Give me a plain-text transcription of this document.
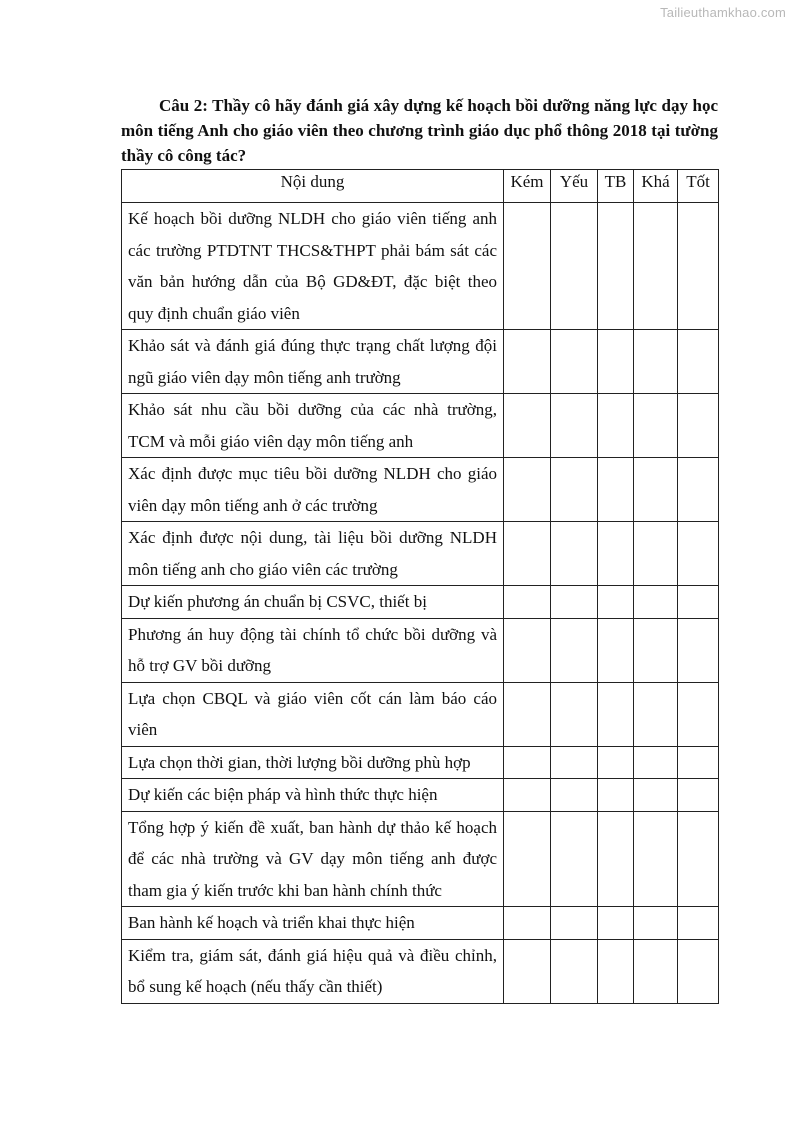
Tailieuthamkhao.com
Câu 2: Thầy cô hãy đánh giá xây dựng kế hoạch bồi dưỡng năng lực dạy học môn tiếng Anh cho giáo viên theo chương trình giáo dục phổ thông 2018 tại tường thầy cô công tác?
Nội dung	Kém	Yếu	TB	Khá	Tốt
Kế hoạch bồi dưỡng NLDH cho giáo viên tiếng anh các trường PTDTNT THCS&THPT phải bám sát các văn bản hướng dẫn của Bộ GD&ĐT, đặc biệt theo quy định chuẩn giáo viên					
Khảo sát và đánh giá đúng thực trạng chất lượng đội ngũ giáo viên dạy môn tiếng anh trường					
Khảo sát nhu cầu bồi dưỡng của các nhà trường, TCM và mỗi giáo viên dạy môn tiếng anh					
Xác định được mục tiêu bồi dưỡng NLDH cho giáo viên dạy môn tiếng anh ở các trường					
Xác định được nội dung, tài liệu bồi dưỡng NLDH môn tiếng anh cho giáo viên các trường					
Dự kiến phương án chuẩn bị CSVC, thiết bị					
Phương án huy động tài chính tổ chức bồi dưỡng và hỗ trợ GV bồi dưỡng					
Lựa chọn CBQL và giáo viên cốt cán làm báo cáo viên					
Lựa chọn thời gian, thời lượng bồi dưỡng phù hợp					
Dự kiến các biện pháp và hình thức thực hiện					
Tổng hợp ý kiến đề xuất, ban hành dự thảo kế hoạch để các nhà trường và GV dạy môn tiếng anh được tham gia ý kiến trước khi ban hành chính thức					
Ban hành kế hoạch và triển khai thực hiện					
Kiểm tra, giám sát, đánh giá hiệu quả và điều chỉnh, bổ sung kế hoạch (nếu thấy cần thiết)					
